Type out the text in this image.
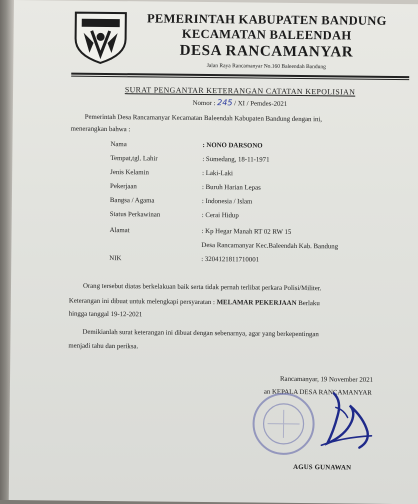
PEMERINTAH KABUPATEN BANDUNG
KECAMATAN BALEENDAH
DESA RANCAMANYAR
Jalan Raya Rancamanyar No.160 Baleendah Bandung
SURAT PENGANTAR KETERANGAN CATATAN KEPOLISIAN
Nomor : 245 / XI / Pemdes-2021
Pemerintah Desa Rancamanyar Kecamatan Baleendah Kabupaten Bandung dengan ini,
menerangkan bahwa :
Nama	: NONO DARSONO
Tempat,tgl. Lahir	: Sumedang, 18-11-1971
Jenis Kelamin	: Laki-Laki
Pekerjaan	: Buruh Harian Lepas
Bangsa / Agama	: Indonesia / Islam
Status Perkawinan	: Cerai Hidup
Alamat	: Kp Hegar Manah RT 02 RW 15
Desa Rancamanyar Kec.Baleendah Kab. Bandung
NIK	: 3204121811710001
Orang tersebut diatas berkelakuan baik serta tidak pernah terlibat perkara Polisi/Militer.
Keterangan ini dibuat untuk melengkapi persyaratan : MELAMAR PEKERJAAN Berlaku
hingga tanggal 19-12-2021
Demikianlah surat keterangan ini dibuat dengan sebenarnya, agar yang berkepentingan
menjadi tahu dan periksa.
Rancamanyar, 19 November 2021
an KEPALA DESA RANCAMANYAR
AGUS GUNAWAN
